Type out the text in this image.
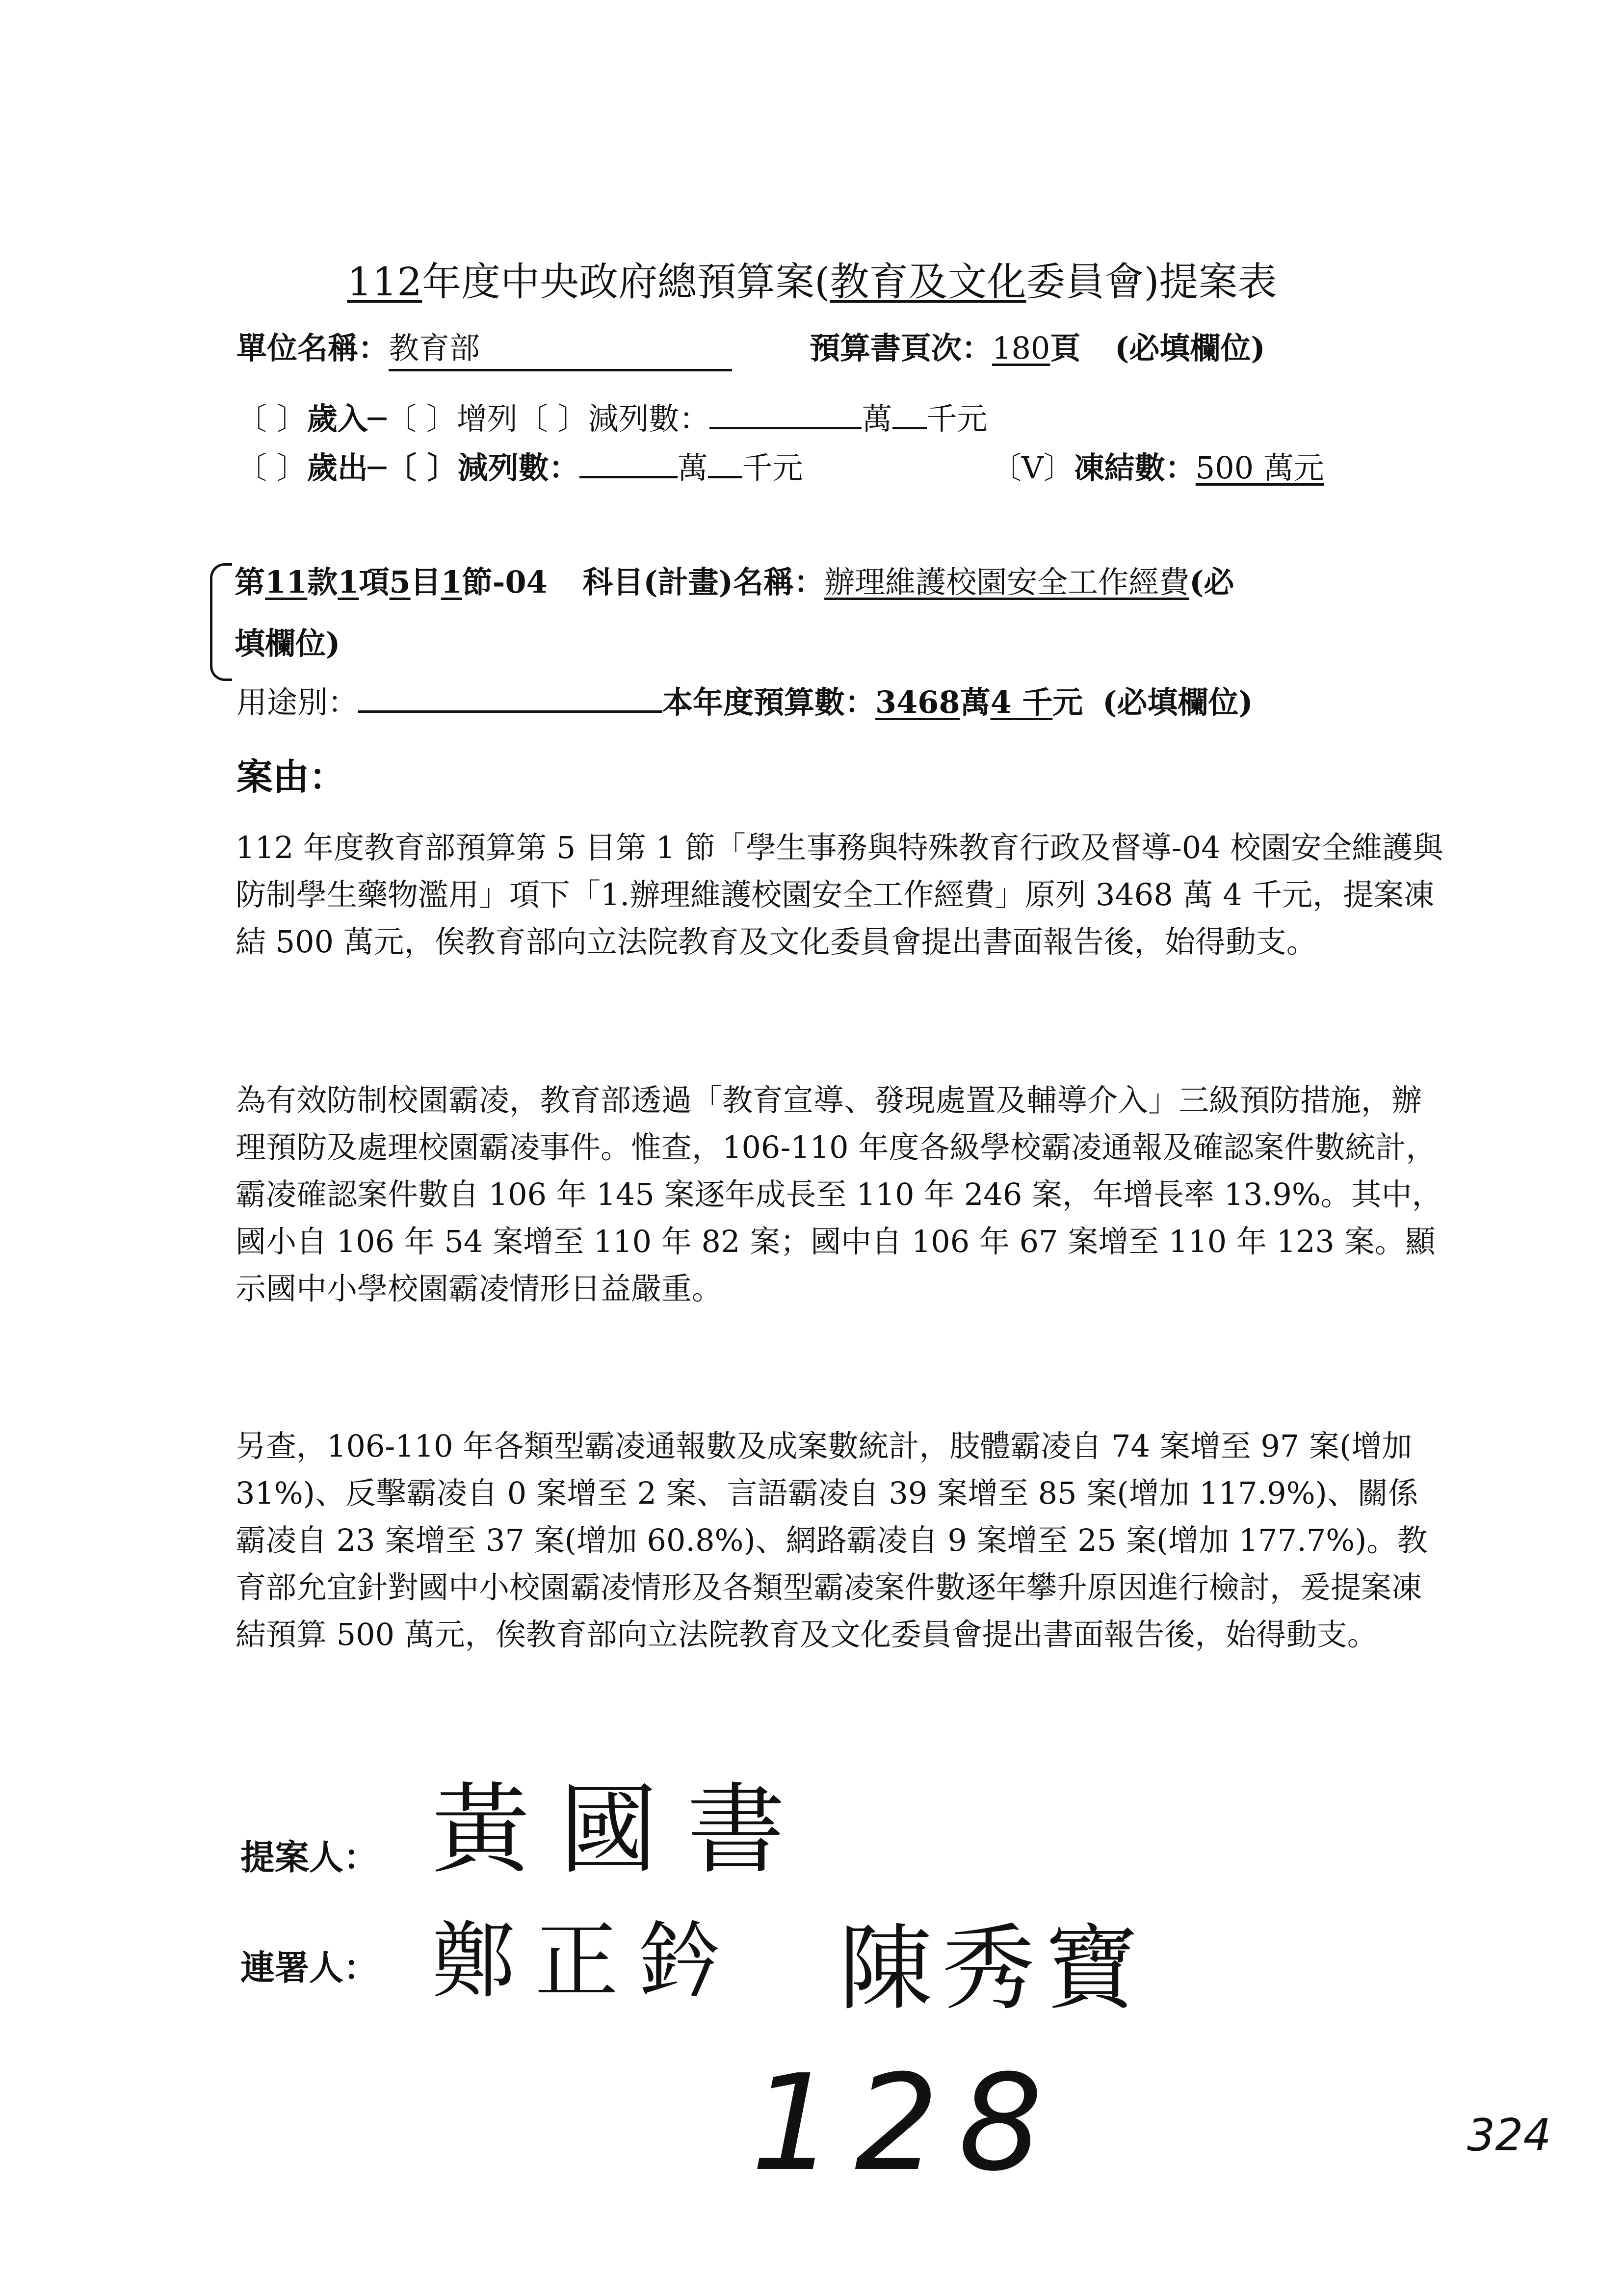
112年度中央政府總預算案(教育及文化委員會)提案表
單位名稱：教育部	預算書頁次：180頁 (必填欄位)
〔 〕歲入─〔 〕增列〔 〕減列數：	萬 千元
〔 〕歲出─〔 〕減列數：	萬 千元	〔V〕凍結數：500 萬元
第11款1項5目1節-04 科目(計畫)名稱：辦理維護校園安全工作經費(必
填欄位)
用途別：	本年度預算數：3468萬4 千元 (必填欄位)
案由：
112 年度教育部預算第 5 目第 1 節「學生事務與特殊教育行政及督導-04 校園安全維護與防制學生藥物濫用」項下「1.辦理維護校園安全工作經費」原列 3468 萬 4 千元，提案凍結 500 萬元，俟教育部向立法院教育及文化委員會提出書面報告後，始得動支。
為有效防制校園霸凌，教育部透過「教育宣導、發現處置及輔導介入」三級預防措施，辦理預防及處理校園霸凌事件。惟查，106-110 年度各級學校霸凌通報及確認案件數統計，霸凌確認案件數自 106 年 145 案逐年成長至 110 年 246 案，年增長率 13.9%。其中，國小自 106 年 54 案增至 110 年 82 案；國中自 106 年 67 案增至 110 年 123 案。顯示國中小學校園霸凌情形日益嚴重。
另查，106-110 年各類型霸凌通報數及成案數統計，肢體霸凌自 74 案增至 97 案(增加 31%)、反擊霸凌自 0 案增至 2 案、言語霸凌自 39 案增至 85 案(增加 117.9%)、關係霸凌自 23 案增至 37 案(增加 60.8%)、網路霸凌自 9 案增至 25 案(增加 177.7%)。教育部允宜針對國中小校園霸凌情形及各類型霸凌案件數逐年攀升原因進行檢討，爰提案凍結預算 500 萬元，俟教育部向立法院教育及文化委員會提出書面報告後，始得動支。
提案人： 黃國書
連署人： 鄭正鈐 陳秀寶
128	324
